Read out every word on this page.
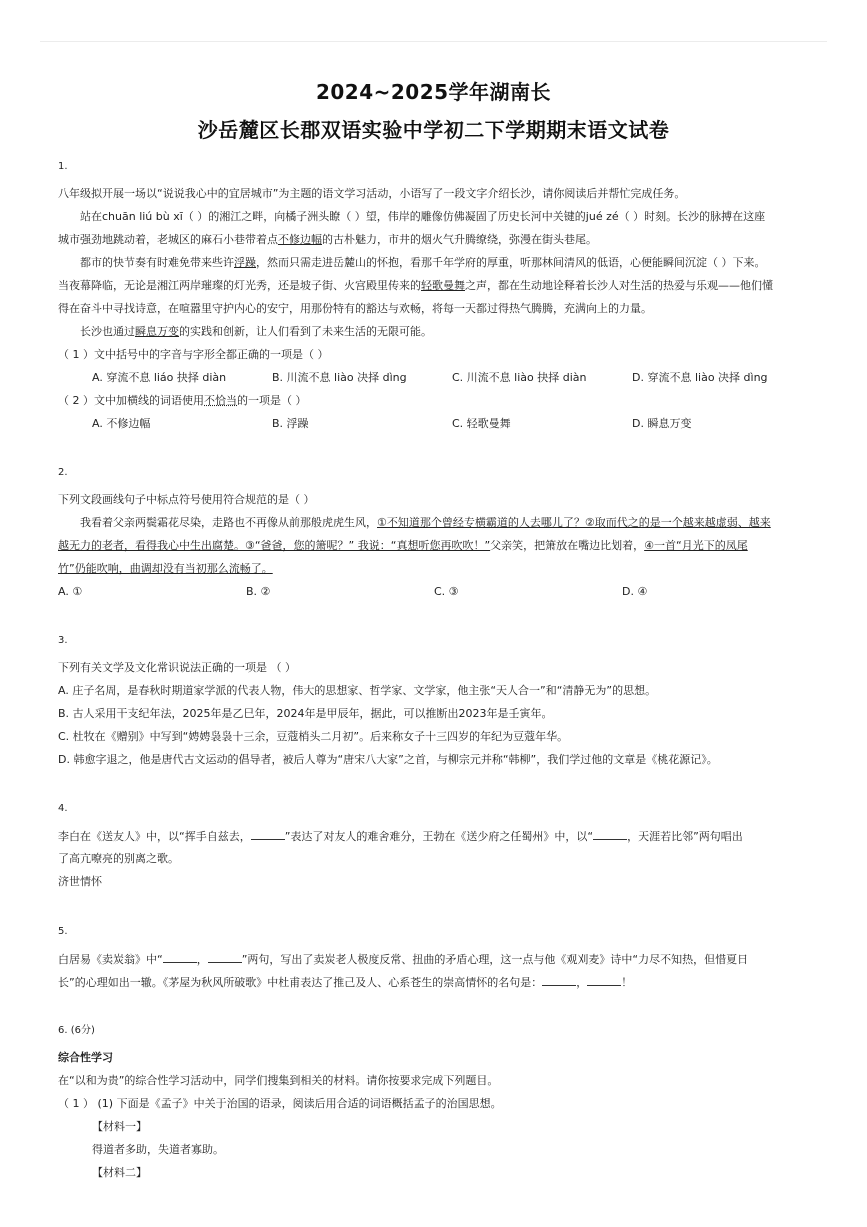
2024~2025学年湖南长
沙岳麓区长郡双语实验中学初二下学期期末语文试卷
1.
八年级拟开展一场以“说说我心中的宜居城市”为主题的语文学习活动，小语写了一段文字介绍长沙，请你阅读后并帮忙完成任务。
站在chuān liú bù xī（ ）的湘江之畔，向橘子洲头瞭（ ）望，伟岸的雕像仿佛凝固了历史长河中关键的jué zé（ ）时刻。长沙的脉搏在这座
城市强劲地跳动着，老城区的麻石小巷带着点不修边幅的古朴魅力，市井的烟火气升腾缭绕，弥漫在街头巷尾。
都市的快节奏有时难免带来些许浮躁，然而只需走进岳麓山的怀抱，看那千年学府的厚重，听那林间清风的低语，心便能瞬间沉淀（ ）下来。
当夜幕降临，无论是湘江两岸璀璨的灯光秀，还是坡子街、火宫殿里传来的轻歌曼舞之声，都在生动地诠释着长沙人对生活的热爱与乐观——他们懂
得在奋斗中寻找诗意，在喧嚣里守护内心的安宁，用那份特有的豁达与欢畅，将每一天都过得热气腾腾，充满向上的力量。
长沙也通过瞬息万变的实践和创新，让人们看到了未来生活的无限可能。
（ 1 ）文中括号中的字音与字形全都正确的一项是（ ）
A. 穿流不息 liáo 抉择 diàn	B. 川流不息 liào 决择 dìng	C. 川流不息 liào 抉择 diàn	D. 穿流不息 liào 决择 dìng
（ 2 ）文中加横线的词语使用不恰当的一项是（ ）
A. 不修边幅	B. 浮躁	C. 轻歌曼舞	D. 瞬息万变
2.
下列文段画线句子中标点符号使用符合规范的是（ ）
我看着父亲两鬓霜花尽染，走路也不再像从前那般虎虎生风，①不知道那个曾经专横霸道的人去哪儿了？②取而代之的是一个越来越虚弱、越来
越无力的老者，看得我心中生出腐楚。③“爸爸，您的箫呢？” 我说：“真想听您再吹吹！”父亲笑，把箫放在嘴边比划着，④一首“月光下的凤尾
竹”仍能吹响，曲调却没有当初那么流畅了。
A. ①	B. ②	C. ③	D. ④
3.
下列有关文学及文化常识说法正确的一项是 （ ）
A. 庄子名周，是春秋时期道家学派的代表人物，伟大的思想家、哲学家、文学家，他主张“天人合一”和“清静无为”的思想。
B. 古人采用干支纪年法，2025年是乙巳年，2024年是甲辰年，据此，可以推断出2023年是壬寅年。
C. 杜牧在《赠别》中写到“娉娉袅袅十三余，豆蔻梢头二月初”。后来称女子十三四岁的年纪为豆蔻年华。
D. 韩愈字退之，他是唐代古文运动的倡导者，被后人尊为“唐宋八大家”之首，与柳宗元并称“韩柳”，我们学过他的文章是《桃花源记》。
4.
李白在《送友人》中，以“挥手自兹去，	”表达了对友人的难舍难分，王勃在《送少府之任蜀州》中，以“	，天涯若比邻”两句唱出
了高亢嘹亮的别离之歌。
济世情怀
5.
白居易《卖炭翁》中“	，	”两句，写出了卖炭老人极度反常、扭曲的矛盾心理，这一点与他《观刈麦》诗中“力尽不知热，但惜夏日
长”的心理如出一辙。《茅屋为秋风所破歌》中杜甫表达了推己及人、心系苍生的崇高情怀的名句是：	，	！
6. (6分)
综合性学习
在“以和为贵”的综合性学习活动中，同学们搜集到相关的材料。请你按要求完成下列题目。
（ 1 ） (1) 下面是《孟子》中关于治国的语录，阅读后用合适的词语概括孟子的治国思想。
【材料一】
得道者多助，失道者寡助。
【材料二】
